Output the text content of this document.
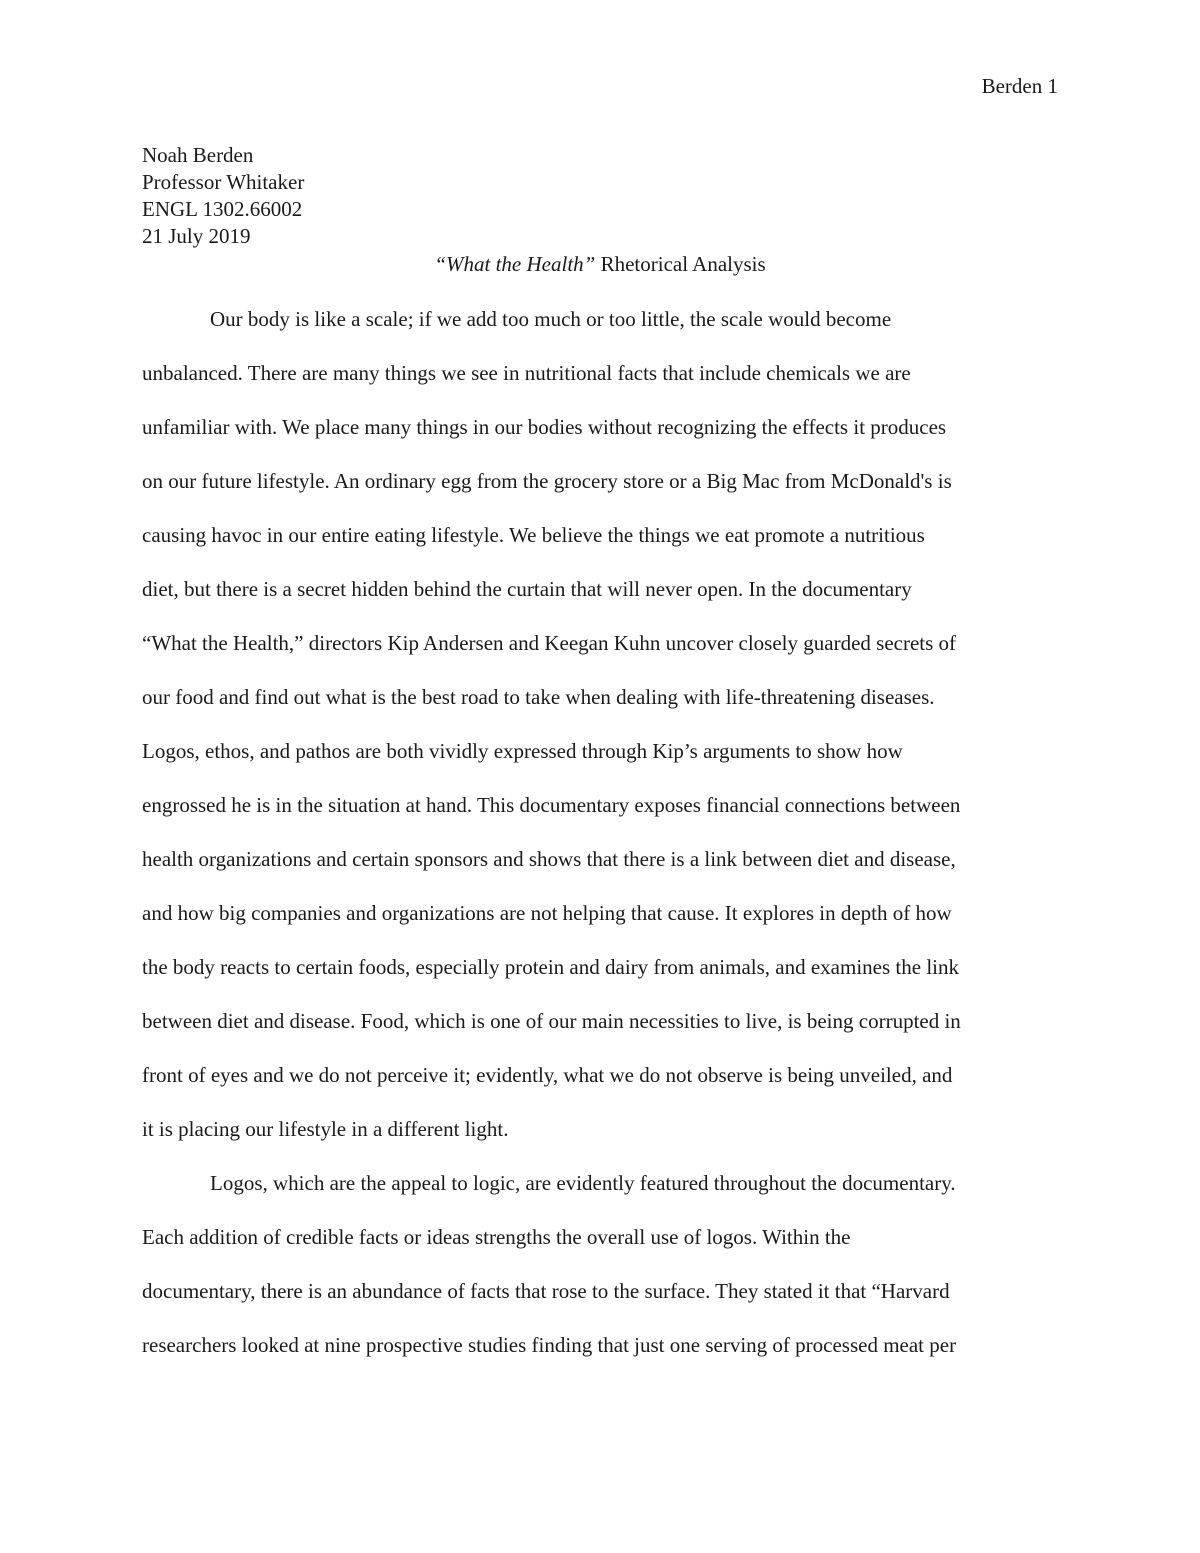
Berden 1
Noah Berden
Professor Whitaker
ENGL 1302.66002
21 July 2019
“What the Health” Rhetorical Analysis
Our body is like a scale; if we add too much or too little, the scale would become
unbalanced. There are many things we see in nutritional facts that include chemicals we are
unfamiliar with. We place many things in our bodies without recognizing the effects it produces
on our future lifestyle. An ordinary egg from the grocery store or a Big Mac from McDonald's is
causing havoc in our entire eating lifestyle. We believe the things we eat promote a nutritious
diet, but there is a secret hidden behind the curtain that will never open. In the documentary
“What the Health,” directors Kip Andersen and Keegan Kuhn uncover closely guarded secrets of
our food and find out what is the best road to take when dealing with life-threatening diseases.
Logos, ethos, and pathos are both vividly expressed through Kip’s arguments to show how
engrossed he is in the situation at hand. This documentary exposes financial connections between
health organizations and certain sponsors and shows that there is a link between diet and disease,
and how big companies and organizations are not helping that cause. It explores in depth of how
the body reacts to certain foods, especially protein and dairy from animals, and examines the link
between diet and disease. Food, which is one of our main necessities to live, is being corrupted in
front of eyes and we do not perceive it; evidently, what we do not observe is being unveiled, and
it is placing our lifestyle in a different light.
Logos, which are the appeal to logic, are evidently featured throughout the documentary.
Each addition of credible facts or ideas strengths the overall use of logos. Within the
documentary, there is an abundance of facts that rose to the surface. They stated it that “Harvard
researchers looked at nine prospective studies finding that just one serving of processed meat per
